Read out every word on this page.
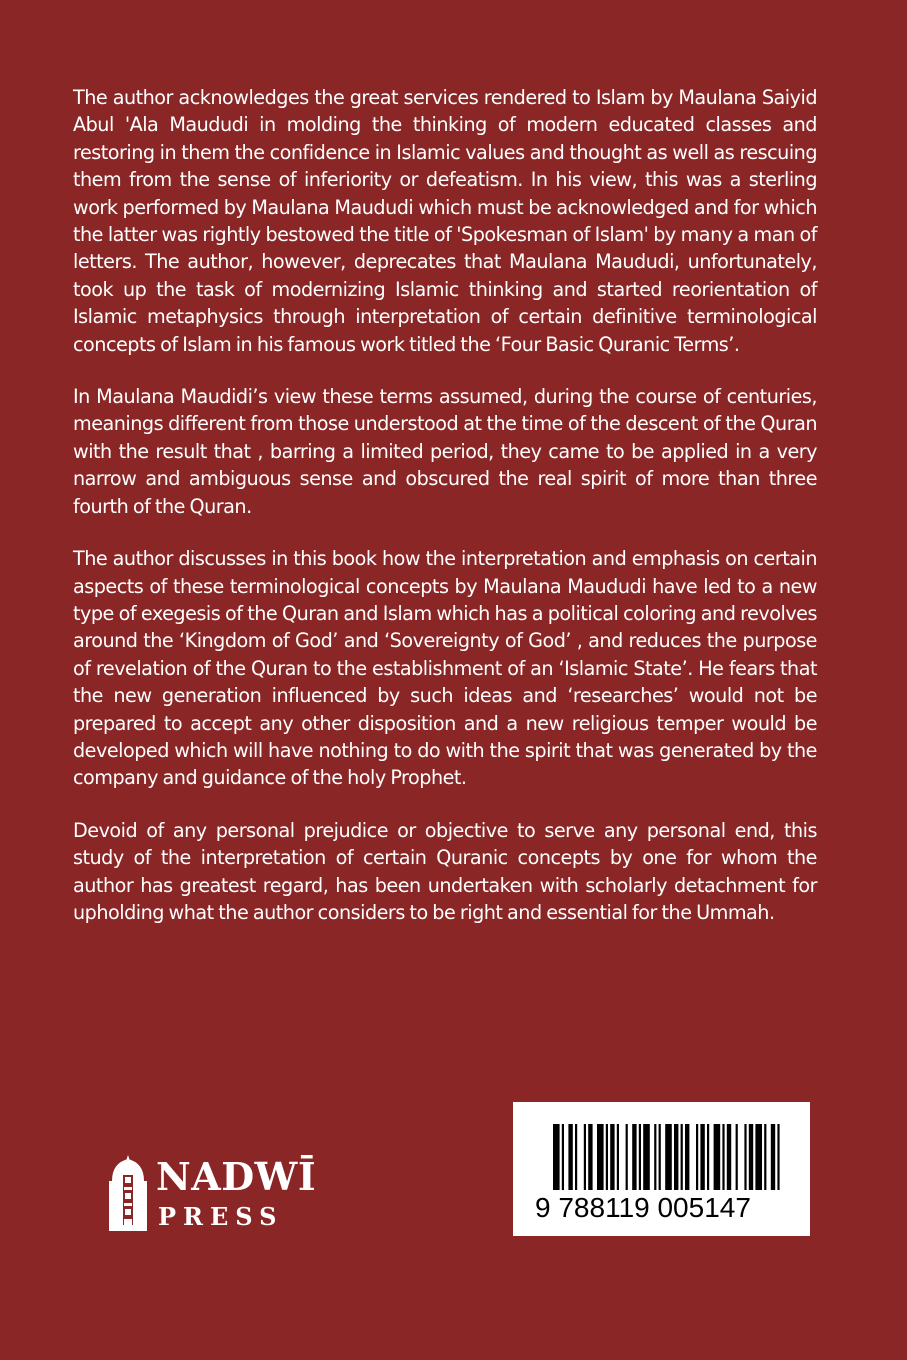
The author acknowledges the great services rendered to Islam by Maulana Saiyid Abul 'Ala Maududi in molding the thinking of modern educated classes and restoring in them the confidence in Islamic values and thought as well as rescuing them from the sense of inferiority or defeatism. In his view, this was a sterling work performed by Maulana Maududi which must be acknowledged and for which the latter was rightly bestowed the title of 'Spokesman of Islam' by many a man of letters. The author, however, deprecates that Maulana Maududi, unfortunately, took up the task of modernizing Islamic thinking and started reorientation of Islamic metaphysics through interpretation of certain definitive terminological concepts of Islam in his famous work titled the ‘Four Basic Quranic Terms’.

In Maulana Maudidi’s view these terms assumed, during the course of centuries, meanings different from those understood at the time of the descent of the Quran with the result that , barring a limited period, they came to be applied in a very narrow and ambiguous sense and obscured the real spirit of more than three fourth of the Quran.

The author discusses in this book how the interpretation and emphasis on certain aspects of these terminological concepts by Maulana Maududi have led to a new type of exegesis of the Quran and Islam which has a political coloring and revolves around the ‘Kingdom of God’ and ‘Sovereignty of God’ , and reduces the purpose of revelation of the Quran to the establishment of an ‘Islamic State’. He fears that the new generation influenced by such ideas and ‘researches’ would not be prepared to accept any other disposition and a new religious temper would be developed which will have nothing to do with the spirit that was generated by the company and guidance of the holy Prophet.

Devoid of any personal prejudice or objective to serve any personal end, this study of the interpretation of certain Quranic concepts by one for whom the author has greatest regard, has been undertaken with scholarly detachment for upholding what the author considers to be right and essential for the Ummah.

NADWĪ
PRESS	9 788119 005147
